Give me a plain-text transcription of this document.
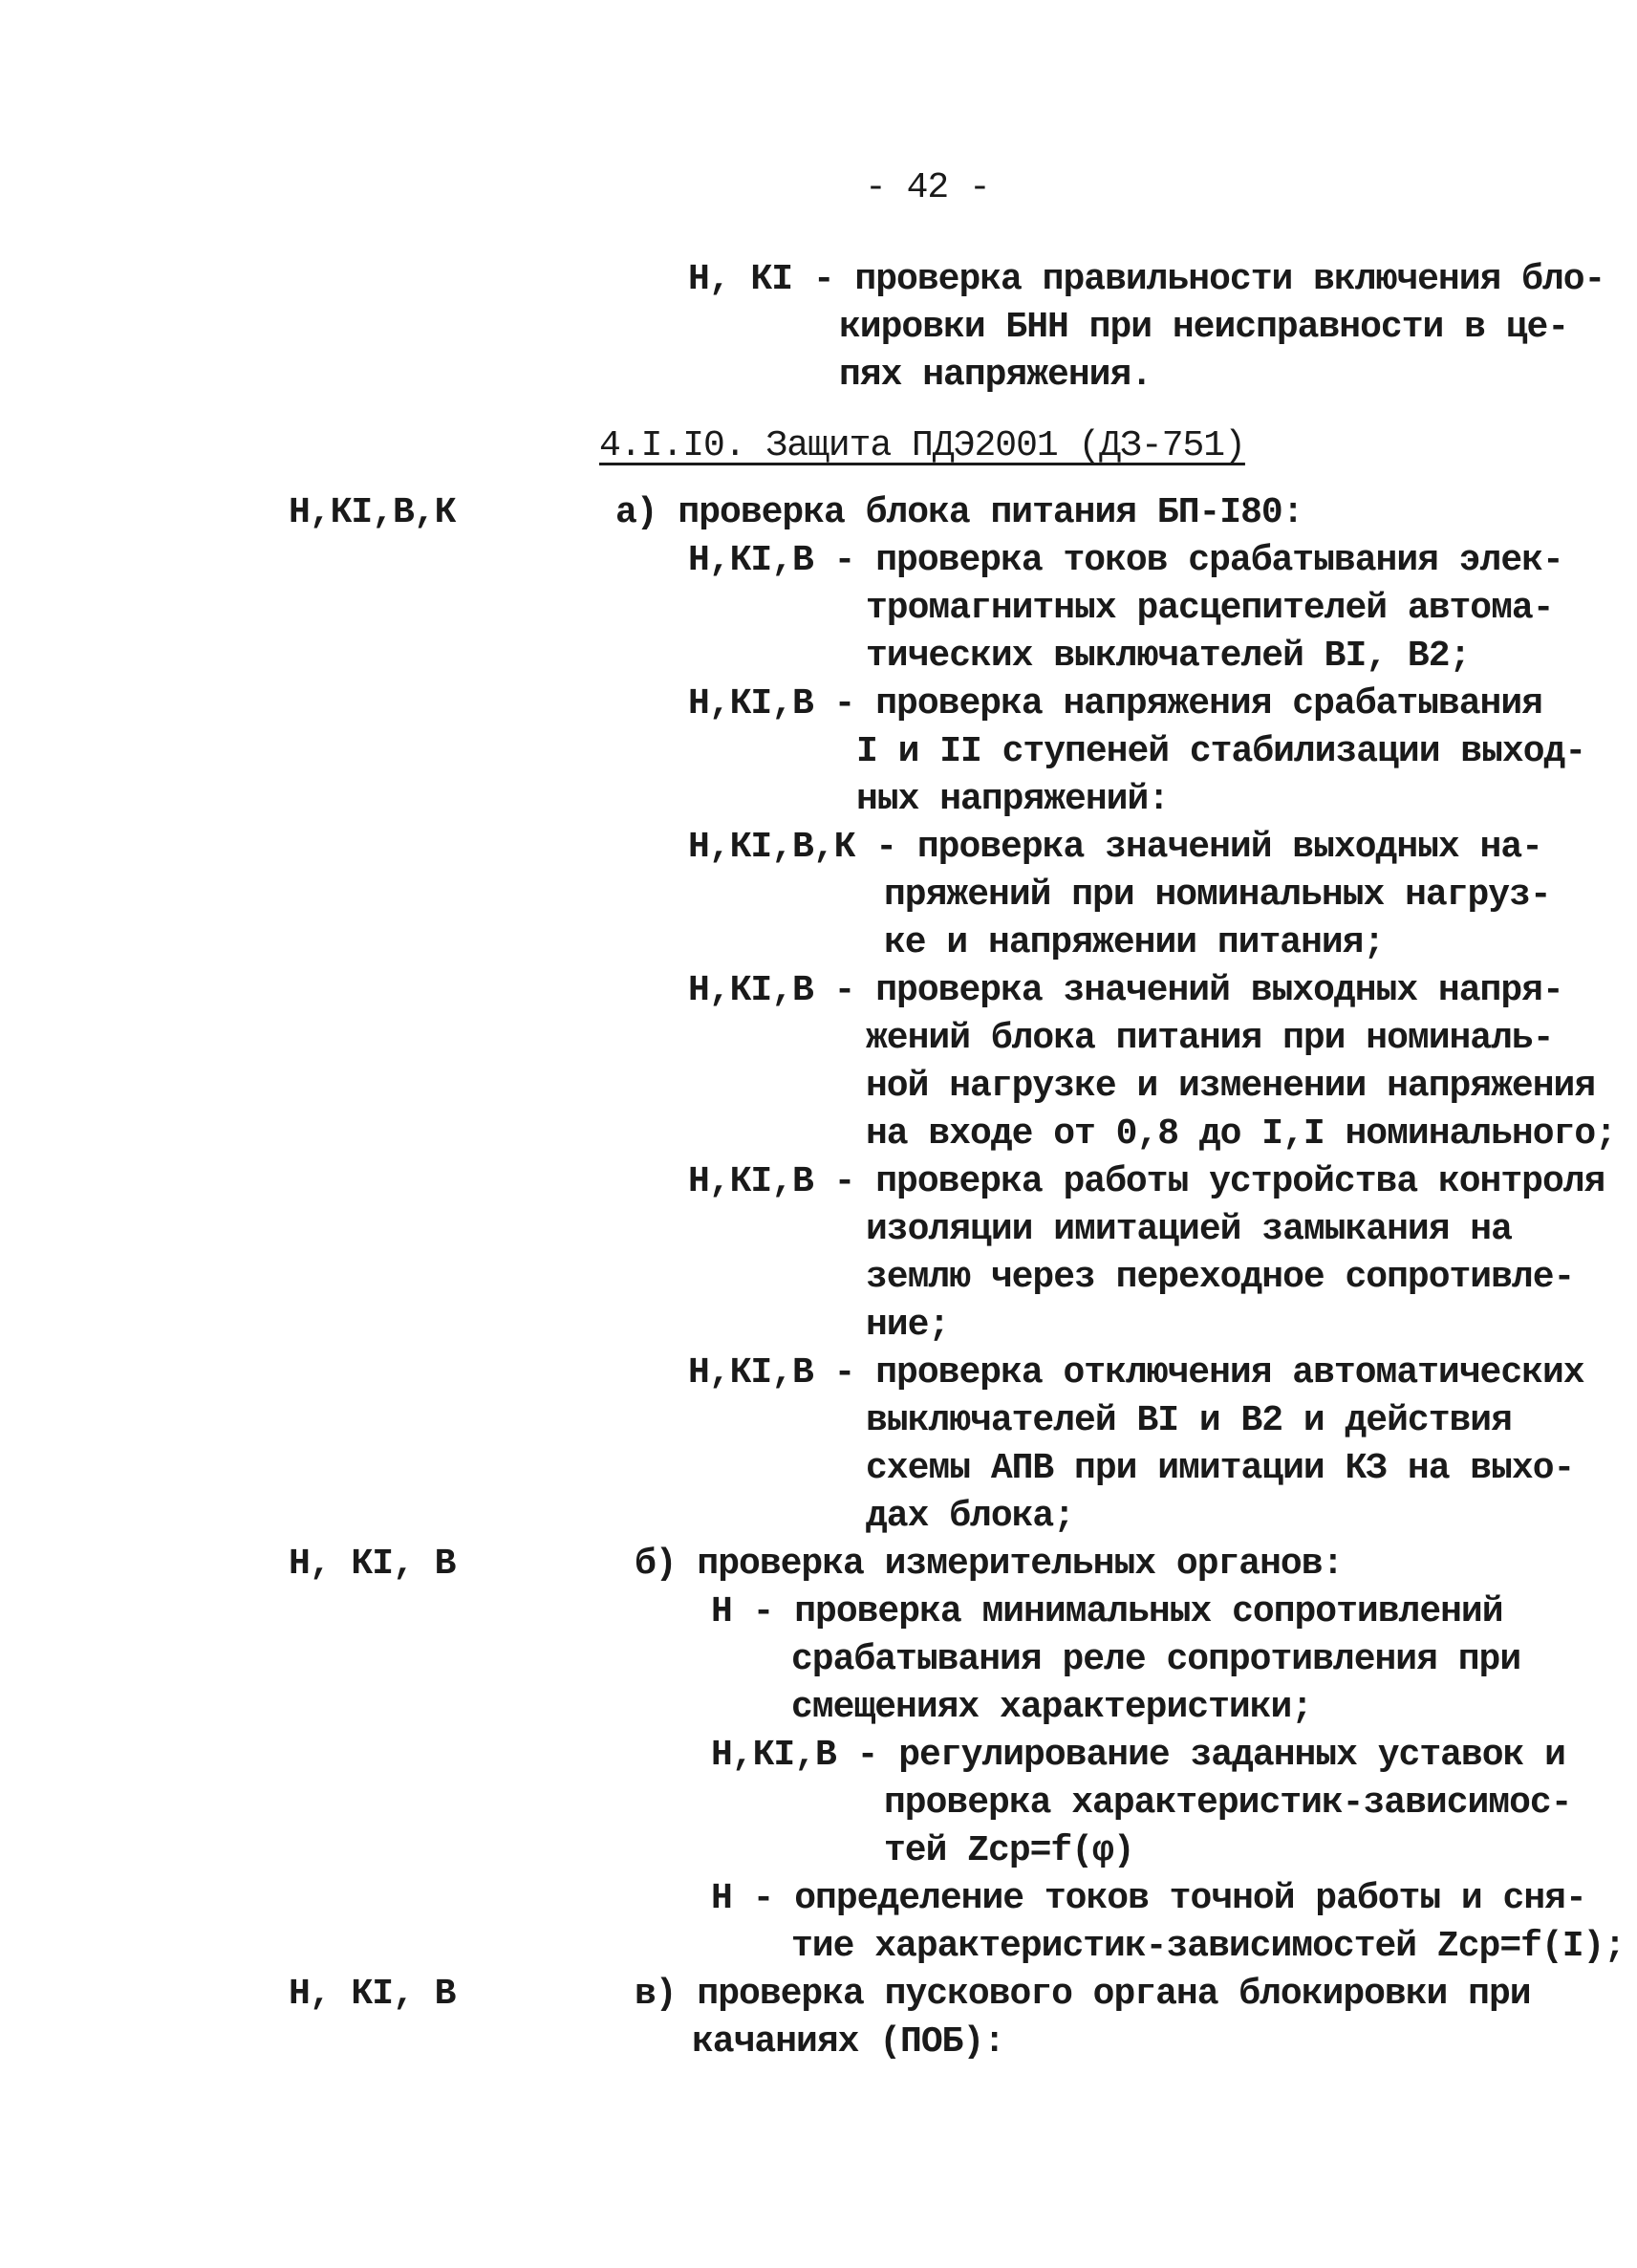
- 42 -
Н, КI - проверка правильности включения бло-
кировки БНН при неисправности в це-
пях напряжения.
4.I.I0. Защита ПДЭ2001 (ДЗ-751)
Н,КI,В,К	а) проверка блока питания БП-I80:
Н,КI,В - проверка токов срабатывания элек-
тромагнитных расцепителей автома-
тических выключателей ВI, В2;
Н,КI,В - проверка напряжения срабатывания
I и II ступеней стабилизации выход-
ных напряжений:
Н,КI,В,К - проверка значений выходных на-
пряжений при номинальных нагруз-
ке и напряжении питания;
Н,КI,В - проверка значений выходных напря-
жений блока питания при номиналь-
ной нагрузке и изменении напряжения
на входе от 0,8 до I,I номинального;
Н,КI,В - проверка работы устройства контроля
изоляции имитацией замыкания на
землю через переходное сопротивле-
ние;
Н,КI,В - проверка отключения автоматических
выключателей ВI и В2 и действия
схемы АПВ при имитации КЗ на выхо-
дах блока;
Н, КI, В	б) проверка измерительных органов:
Н - проверка минимальных сопротивлений
срабатывания реле сопротивления при
смещениях характеристики;
Н,КI,В - регулирование заданных уставок и
проверка характеристик-зависимос-
тей Zср=f(φ)
Н - определение токов точной работы и сня-
тие характеристик-зависимостей Zср=f(I);
Н, КI, В	в) проверка пускового органа блокировки при
качаниях (ПОБ):
